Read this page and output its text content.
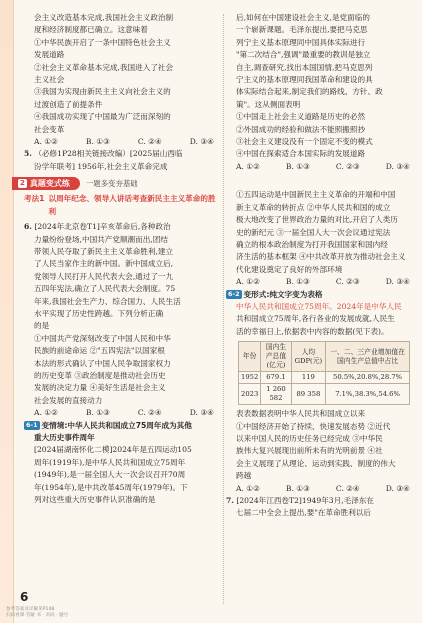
会主义改造基本完成,我国社会主义政治制

度和经济制度都已确立。这意味着

①中华民族开启了一条中国特色社会主义

发展道路

②社会主义革命基本完成,我国进入了社会

主义社会

③我国为实现由新民主主义向社会主义的

过渡创造了前提条件

④我国成功实现了中国最为广泛而深刻的

社会变革

A. ①②	B. ①③	C. ②④	D. ③④

5. （必修1P28相关链接改编）[2025届山西临

汾学年联考] 1956年,社会主义革命完成

2 真题变式练 一题多变夯基础
考法1 以周年纪念、领导人讲话考查新民主主义革命的胜利

6. [2024年北京卷T1]辛亥革命后,各种政治

力量纷纷登场,中国共产党顺潮而出,团结

带领人民夺取了新民主主义革命胜利,建立

了人民当家作主的新中国。新中国成立后,

党领导人民打开人民代表大会,通过了一九

五四年宪法,确立了人民代表大会制度。75

年来,我国社会生产力、综合国力、人民生活

水平实现了历史性跨越。下列分析正确

的是

①中国共产党深刻改变了中国人民和中华

民族的前途命运 ②"五四宪法"以国家根

本法的形式确认了中国人民争取国家权力

的历史变革 ③政治制度是推动社会历史

发展的决定力量 ④美好生活是社会主义

社会发展的直接动力

A. ①②	B. ①③	C. ②④	D. ③④

6-1 变情境:中华人民共和国成立75周年成为其他

重大历史事件周年

[2024届湖南怀化二模]2024年是五四运动105

周年(1919年),是中华人民共和国成立75周年

(1949年),是一届全国人大一次会议召开70周

年(1954年),是中共改革45周年(1979年)。下

列对这些重大历史事件认识准确的是

后,如何在中国建设社会主义,是党面临的

一个崭新课题。毛泽东提出,要把马克思

列宁主义基本原理同中国具体实际进行

"第二次结合",强调"最重要的教训是独立

自主,调查研究,找出本国国情,把马克思列

宁主义的基本原理同我国革命和建设的具

体实际结合起来,制定我们的路线、方针、政

策"。这从侧面表明

①中国走上社会主义道路是历史的必然

②外国成功的经验和做法不能照搬照抄

③社会主义建设没有一个固定不变的模式

④中国在探索适合本国实际的发展道路

A. ①②	B. ①③	C. ②③	D. ③④

①五四运动是中国新民主主义革命的开端和中国

新主义革命的转折点 ②中华人民共和国的成立

极大地改变了世界政治力量的对比,开启了人类历

史的新纪元 ③一届全国人大一次会议通过宪法

确立的根本政治制度为打开我国国家和国内经

济生活的基本框架 ④中共改革开放为推动社会主义

代化建设奠定了良好的外部环境

A. ①②	B. ①③	C. ②③	D. ③④

6-2 变形式:纯文字变为表格

中华人民共和国成立75周年。2024年是中华人民

共和国成立75周年,各行各业的发展成就,人民生

活的幸福日上,依据表中内容的数据(见下表)。

年份	国内生产总值(亿元)	人均GDP(元)	一、二、三产业增加值在国内生产总值中占比
1952	679.1	119	50.5%,20.8%,28.7%
2023	1 260 582	89 358	7.1%,38.3%,54.6%

表表数据表明中华人民共和国成立以来

①中国经济开始了持续、快速发展态势 ②近代

以来中国人民的历史任务已经完成 ③中华民

族伟大复兴展现出前所未有的光明前景 ④社

会主义展现了从理论、运动到实践、制度的伟大

跨越

A. ①②	B. ①③	C. ②④	D. ③④

7. [2024年江西卷T2]1949年3月,毛泽东在

七届二中全会上提出,要"在革命胜利以后

6
参考答案及详解见P148
扫码看课·答疑 书 · 页码 · 题号
